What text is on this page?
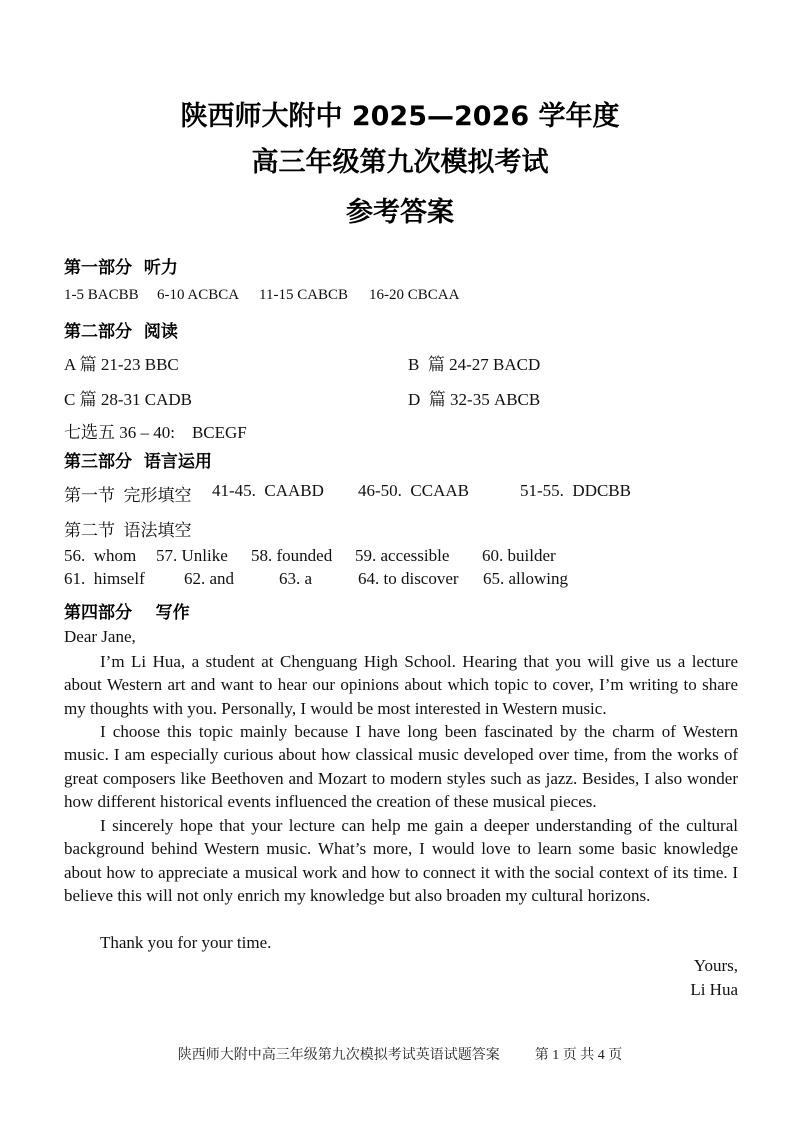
陕西师大附中 2025—2026 学年度
高三年级第九次模拟考试
参考答案
第一部分  听力
1-5 BACBB 6-10 ACBCA 11-15 CABCB 16-20 CBCAA
第二部分  阅读
A 篇 21-23 BBC	B  篇 24-27 BACD
C 篇 28-31 CADB	D  篇 32-35 ABCB
七选五 36 – 40:    BCEGF
第三部分  语言运用
第一节  完形填空 41-45.  CAABD 46-50.  CCAAB	51-55.  DDCBB
第二节  语法填空
56.  whom 57. Unlike 58. founded 59. accessible 60. builder
61.  himself 62. and	63. a	64. to discover 65. allowing
第四部分    写作
Dear Jane,
I’m Li Hua, a student at Chenguang High School. Hearing that you will give us a lecture about Western art and want to hear our opinions about which topic to cover, I’m writing to share my thoughts with you. Personally, I would be most interested in Western music.
I choose this topic mainly because I have long been fascinated by the charm of Western music. I am especially curious about how classical music developed over time, from the works of great composers like Beethoven and Mozart to modern styles such as jazz. Besides, I also wonder how different historical events influenced the creation of these musical pieces.
I sincerely hope that your lecture can help me gain a deeper understanding of the cultural background behind Western music. What’s more, I would love to learn some basic knowledge about how to appreciate a musical work and how to connect it with the social context of its time. I believe this will not only enrich my knowledge but also broaden my cultural horizons.
Thank you for your time.
Yours,
Li Hua
陕西师大附中高三年级第九次模拟考试英语试题答案	第 1 页 共 4 页
